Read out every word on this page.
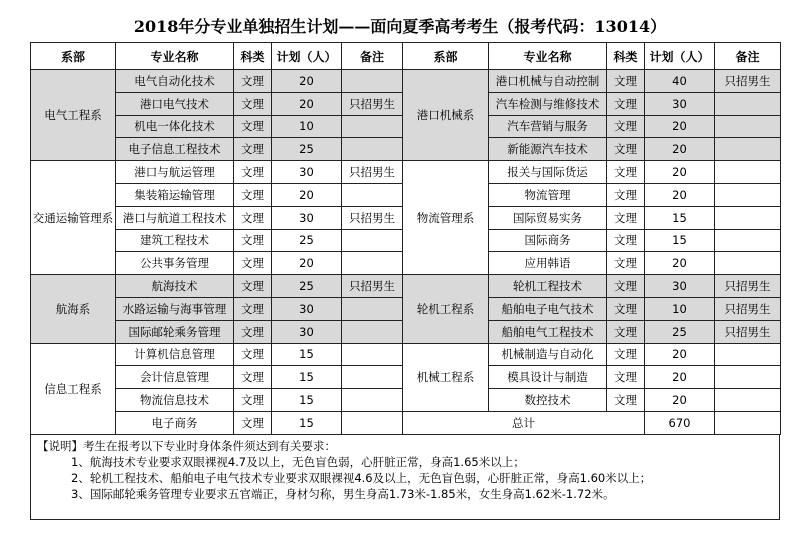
2018年分专业单独招生计划——面向夏季高考考生（报考代码：13014）
系部	专业名称	科类	计划（人）	备注	系部	专业名称	科类	计划（人）	备注
电气工程系	电气自动化技术	文理	20		港口机械系	港口机械与自动控制	文理	40	只招男生
	港口电气技术	文理	20	只招男生		汽车检测与维修技术	文理	30	
	机电一体化技术	文理	10			汽车营销与服务	文理	20	
	电子信息工程技术	文理	25			新能源汽车技术	文理	20	
交通运输管理系	港口与航运管理	文理	30	只招男生	物流管理系	报关与国际货运	文理	20	
	集装箱运输管理	文理	20			物流管理	文理	20	
	港口与航道工程技术	文理	30	只招男生		国际贸易实务	文理	15	
	建筑工程技术	文理	25			国际商务	文理	15	
	公共事务管理	文理	20			应用韩语	文理	20	
航海系	航海技术	文理	25	只招男生	轮机工程系	轮机工程技术	文理	30	只招男生
	水路运输与海事管理	文理	30			船舶电子电气技术	文理	10	只招男生
	国际邮轮乘务管理	文理	30			船舶电气工程技术	文理	25	只招男生
信息工程系	计算机信息管理	文理	15		机械工程系	机械制造与自动化	文理	20	
	会计信息管理	文理	15			模具设计与制造	文理	20	
	物流信息技术	文理	15			数控技术	文理	20	
	电子商务	文理	15		总计			670	
【说明】考生在报考以下专业时身体条件须达到有关要求：
1、航海技术专业要求双眼裸视4.7及以上，无色盲色弱，心肝脏正常，身高1.65米以上；
2、轮机工程技术、船舶电子电气技术专业要求双眼裸视4.6及以上，无色盲色弱，心肝脏正常，身高1.60米以上；
3、国际邮轮乘务管理专业要求五官端正，身材匀称，男生身高1.73米-1.85米，女生身高1.62米-1.72米。
